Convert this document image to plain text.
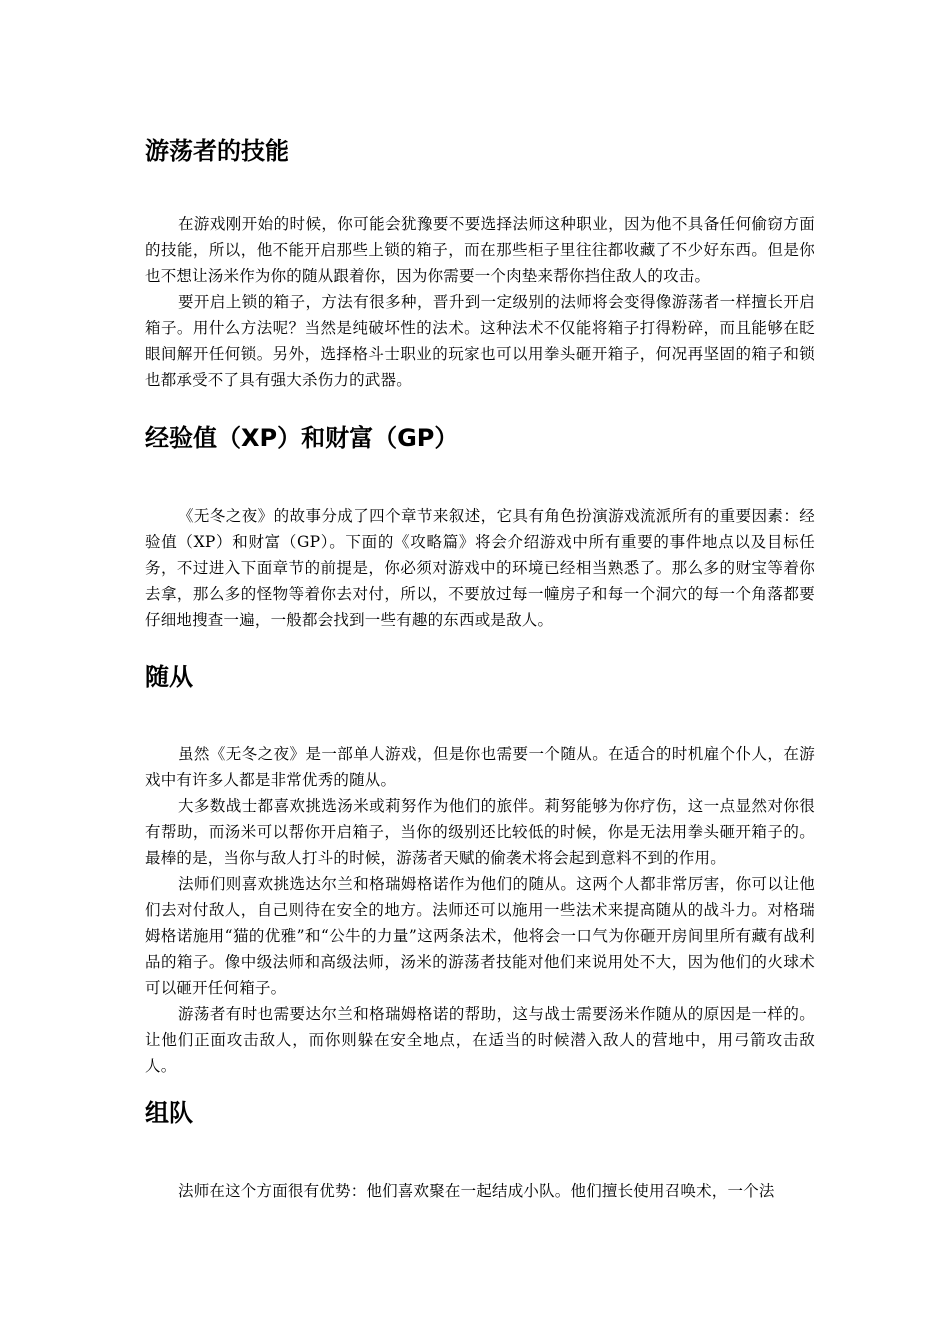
游荡者的技能

在游戏刚开始的时候，你可能会犹豫要不要选择法师这种职业，因为他不具备任何偷窃方面的技能，所以，他不能开启那些上锁的箱子，而在那些柜子里往往都收藏了不少好东西。但是你也不想让汤米作为你的随从跟着你，因为你需要一个肉垫来帮你挡住敌人的攻击。

要开启上锁的箱子，方法有很多种，晋升到一定级别的法师将会变得像游荡者一样擅长开启箱子。用什么方法呢？当然是纯破坏性的法术。这种法术不仅能将箱子打得粉碎，而且能够在眨眼间解开任何锁。另外，选择格斗士职业的玩家也可以用拳头砸开箱子，何况再坚固的箱子和锁也都承受不了具有强大杀伤力的武器。

经验值（XP）和财富（GP）

《无冬之夜》的故事分成了四个章节来叙述，它具有角色扮演游戏流派所有的重要因素：经验值（XP）和财富（GP）。下面的《攻略篇》将会介绍游戏中所有重要的事件地点以及目标任务，不过进入下面章节的前提是，你必须对游戏中的环境已经相当熟悉了。那么多的财宝等着你去拿，那么多的怪物等着你去对付，所以，不要放过每一幢房子和每一个洞穴的每一个角落都要仔细地搜查一遍，一般都会找到一些有趣的东西或是敌人。

随从

虽然《无冬之夜》是一部单人游戏，但是你也需要一个随从。在适合的时机雇个仆人，在游戏中有许多人都是非常优秀的随从。

大多数战士都喜欢挑选汤米或莉努作为他们的旅伴。莉努能够为你疗伤，这一点显然对你很有帮助，而汤米可以帮你开启箱子，当你的级别还比较低的时候，你是无法用拳头砸开箱子的。最棒的是，当你与敌人打斗的时候，游荡者天赋的偷袭术将会起到意料不到的作用。

法师们则喜欢挑选达尔兰和格瑞姆格诺作为他们的随从。这两个人都非常厉害，你可以让他们去对付敌人，自己则待在安全的地方。法师还可以施用一些法术来提高随从的战斗力。对格瑞姆格诺施用“猫的优雅”和“公牛的力量”这两条法术，他将会一口气为你砸开房间里所有藏有战利品的箱子。像中级法师和高级法师，汤米的游荡者技能对他们来说用处不大，因为他们的火球术可以砸开任何箱子。

游荡者有时也需要达尔兰和格瑞姆格诺的帮助，这与战士需要汤米作随从的原因是一样的。让他们正面攻击敌人，而你则躲在安全地点，在适当的时候潜入敌人的营地中，用弓箭攻击敌人。

组队

法师在这个方面很有优势：他们喜欢聚在一起结成小队。他们擅长使用召唤术，一个法
